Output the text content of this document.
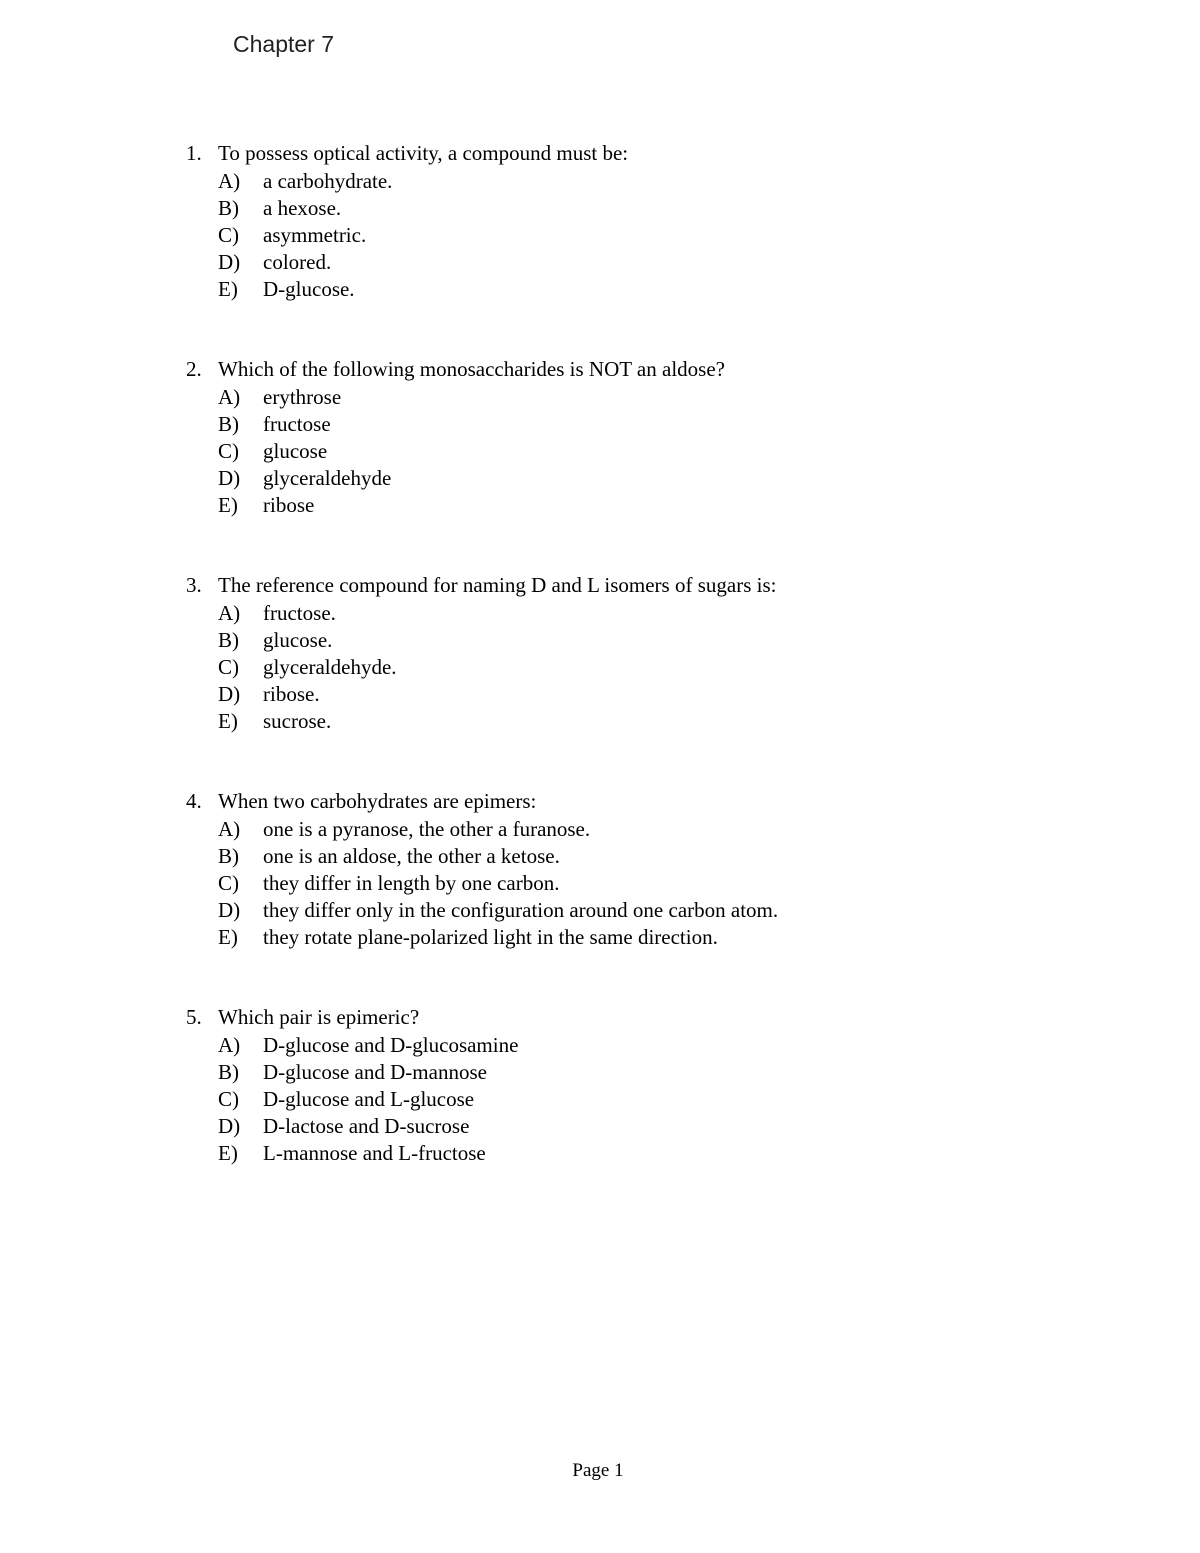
Chapter 7
1. To possess optical activity, a compound must be:
A)	a carbohydrate.
B)	a hexose.
C)	asymmetric.
D)	colored.
E)	D-glucose.
2. Which of the following monosaccharides is NOT an aldose?
A)	erythrose
B)	fructose
C)	glucose
D)	glyceraldehyde
E)	ribose
3. The reference compound for naming D and L isomers of sugars is:
A)	fructose.
B)	glucose.
C)	glyceraldehyde.
D)	ribose.
E)	sucrose.
4. When two carbohydrates are epimers:
A)	one is a pyranose, the other a furanose.
B)	one is an aldose, the other a ketose.
C)	they differ in length by one carbon.
D)	they differ only in the configuration around one carbon atom.
E)	they rotate plane-polarized light in the same direction.
5. Which pair is epimeric?
A)	D-glucose and D-glucosamine
B)	D-glucose and D-mannose
C)	D-glucose and L-glucose
D)	D-lactose and D-sucrose
E)	L-mannose and L-fructose
Page 1
